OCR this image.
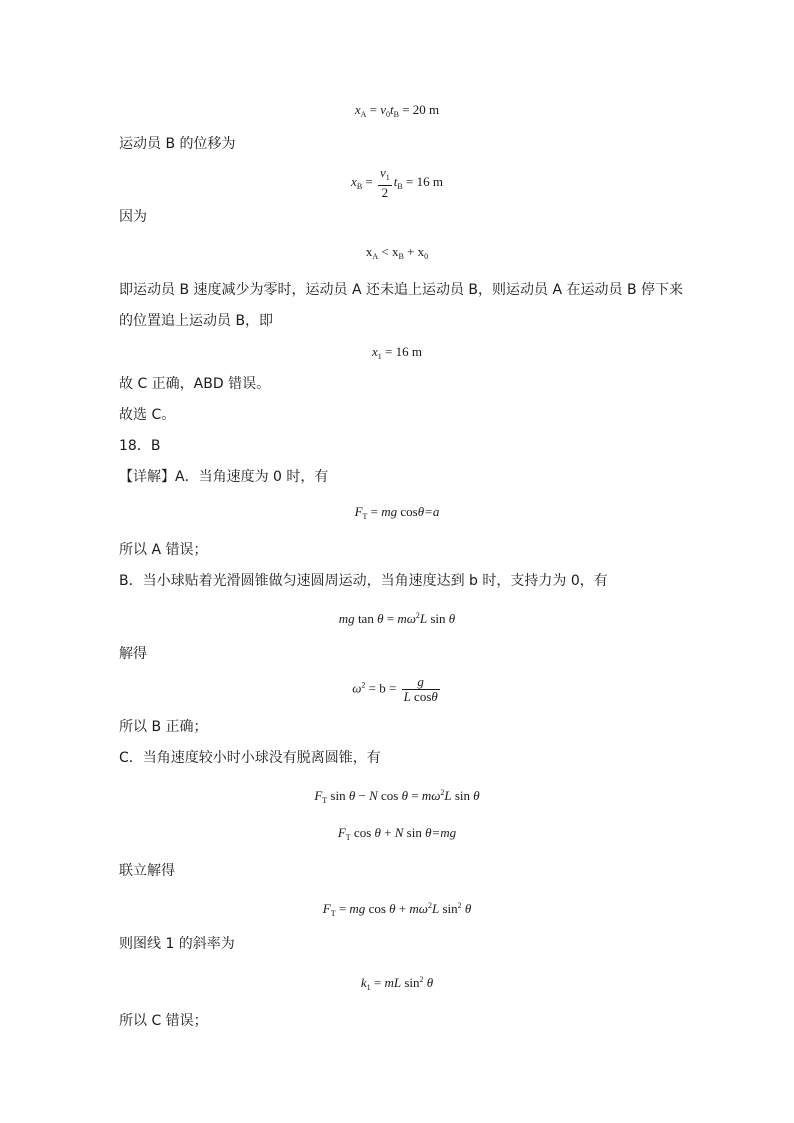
$x_A = v_0t_B = 20$ m
运动员 B 的位移为
$x_B = \frac{v_1}{2} t_B = 16$ m
因为
$x_A < x_B + x_0$
即运动员 B 速度减少为零时，运动员 A 还未追上运动员 B，则运动员 A 在运动员 B 停下来
的位置追上运动员 B，即
$x_1 = 16$ m
故 C 正确，ABD 错误。
故选 C。
18．B
【详解】A．当角速度为 0 时，有
$F_T$ = mg cosθ=a
所以 A 错误；
B．当小球贴着光滑圆锥做匀速圆周运动，当角速度达到 b 时，支持力为 0，有
mg $\tan \theta = m\omega^2L$ sin θ
解得
$\omega^2 = b = \frac{g}{\text{L cosθ}}$
所以 B 正确；
C．当角速度较小时小球没有脱离圆锥，有
$F_T$ sin θ − N $\cos \theta = m\omega^2L$ sin θ
$F_T$ cos θ + N sin θ=mg
联立解得
$F_T$ = mg $\cos \theta + m\omega^2L$ $\sin^2 \theta$
则图线 1 的斜率为
$k_1$ = mL $\sin^2 \theta$
所以 C 错误；
